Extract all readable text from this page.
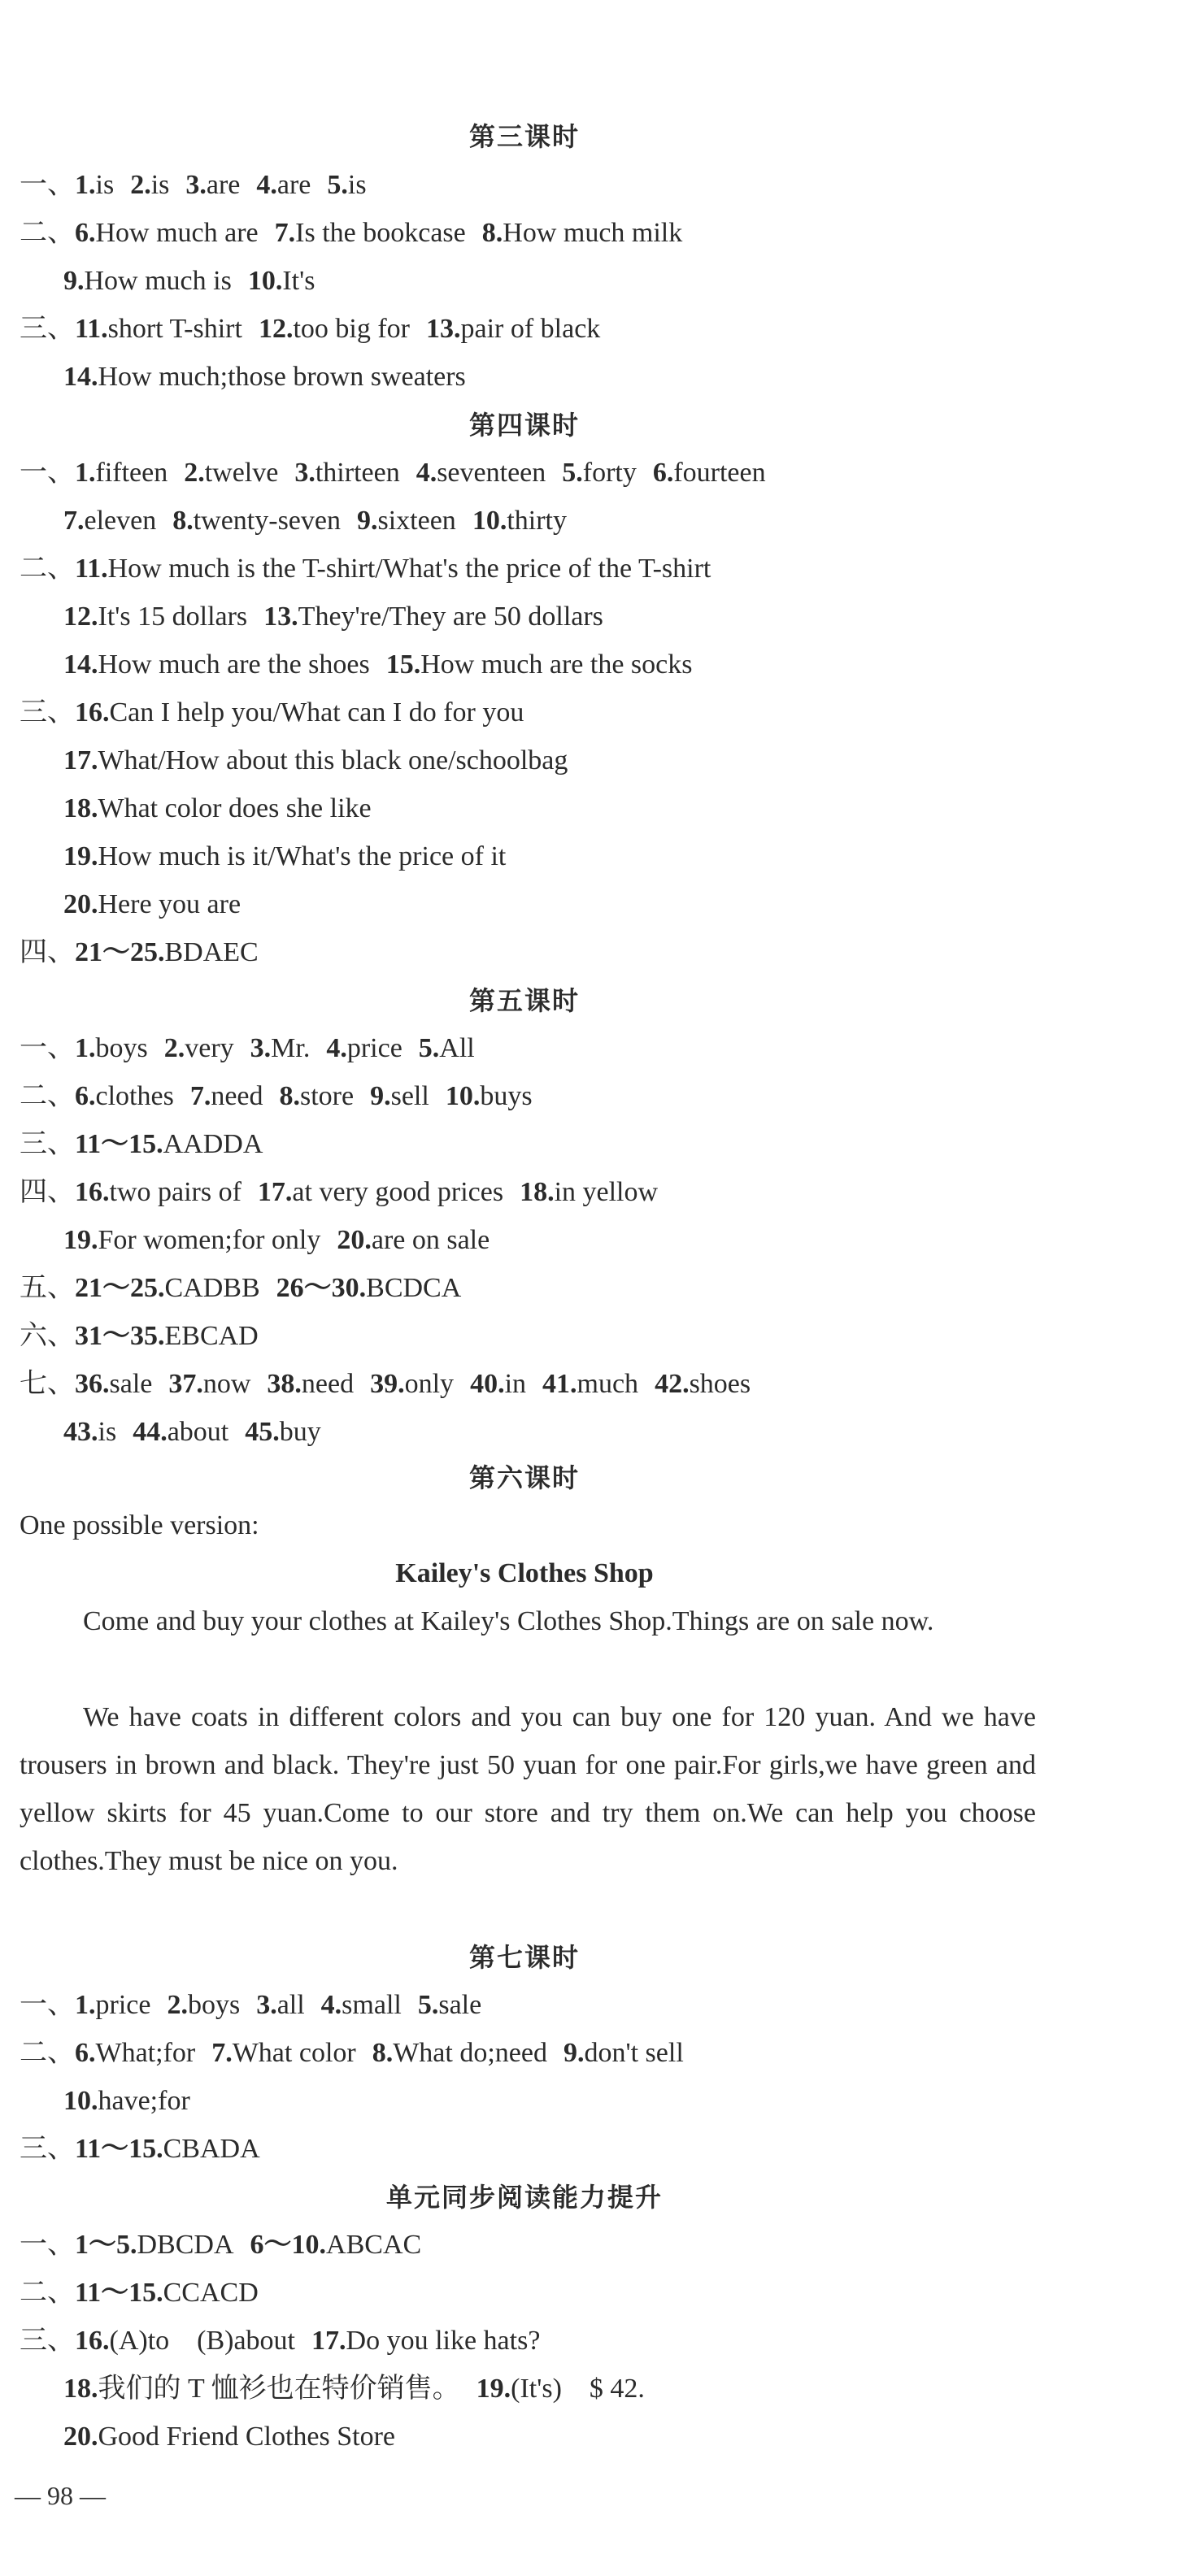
第六课时
One possible version:
Kailey's Clothes Shop
Come and buy your clothes at Kailey's Clothes Shop.Things are on sale now.
We have coats in different colors and you can buy one for 120 yuan. And we have trousers in brown and black. They're just 50 yuan for one pair.For girls,we have green and yellow skirts for 45 yuan.Come to our store and try them on.We can help you choose clothes.They must be nice on you.
— 98 —
第三课时
一、1.is 2.is 3.are 4.are 5.is
二、6.How much are 7.Is the bookcase 8.How much milk
9.How much is 10.It's
三、11.short T-shirt 12.too big for 13.pair of black
14.How much;those brown sweaters
第四课时
一、1.fifteen 2.twelve 3.thirteen 4.seventeen 5.forty 6.fourteen
7.eleven 8.twenty-seven 9.sixteen 10.thirty
二、11.How much is the T-shirt/What's the price of the T-shirt
12.It's 15 dollars 13.They're/They are 50 dollars
14.How much are the shoes 15.How much are the socks
三、16.Can I help you/What can I do for you
17.What/How about this black one/schoolbag
18.What color does she like
19.How much is it/What's the price of it
20.Here you are
四、21～25.BDAEC
第五课时
一、1.boys 2.very 3.Mr. 4.price 5.All
二、6.clothes 7.need 8.store 9.sell 10.buys
三、11～15.AADDA
四、16.two pairs of 17.at very good prices 18.in yellow
19.For women;for only 20.are on sale
五、21～25.CADBB 26～30.BCDCA
六、31～35.EBCAD
七、36.sale 37.now 38.need 39.only 40.in 41.much 42.shoes
43.is 44.about 45.buy
第七课时
一、1.price 2.boys 3.all 4.small 5.sale
二、6.What;for 7.What color 8.What do;need 9.don't sell
10.have;for
三、11～15.CBADA
单元同步阅读能力提升
一、1～5.DBCDA 6～10.ABCAC
二、11～15.CCACD
三、16.(A)to　(B)about 17.Do you like hats?
18.我们的 T 恤衫也在特价销售。 19.(It's)　$ 42.
20.Good Friend Clothes Store
